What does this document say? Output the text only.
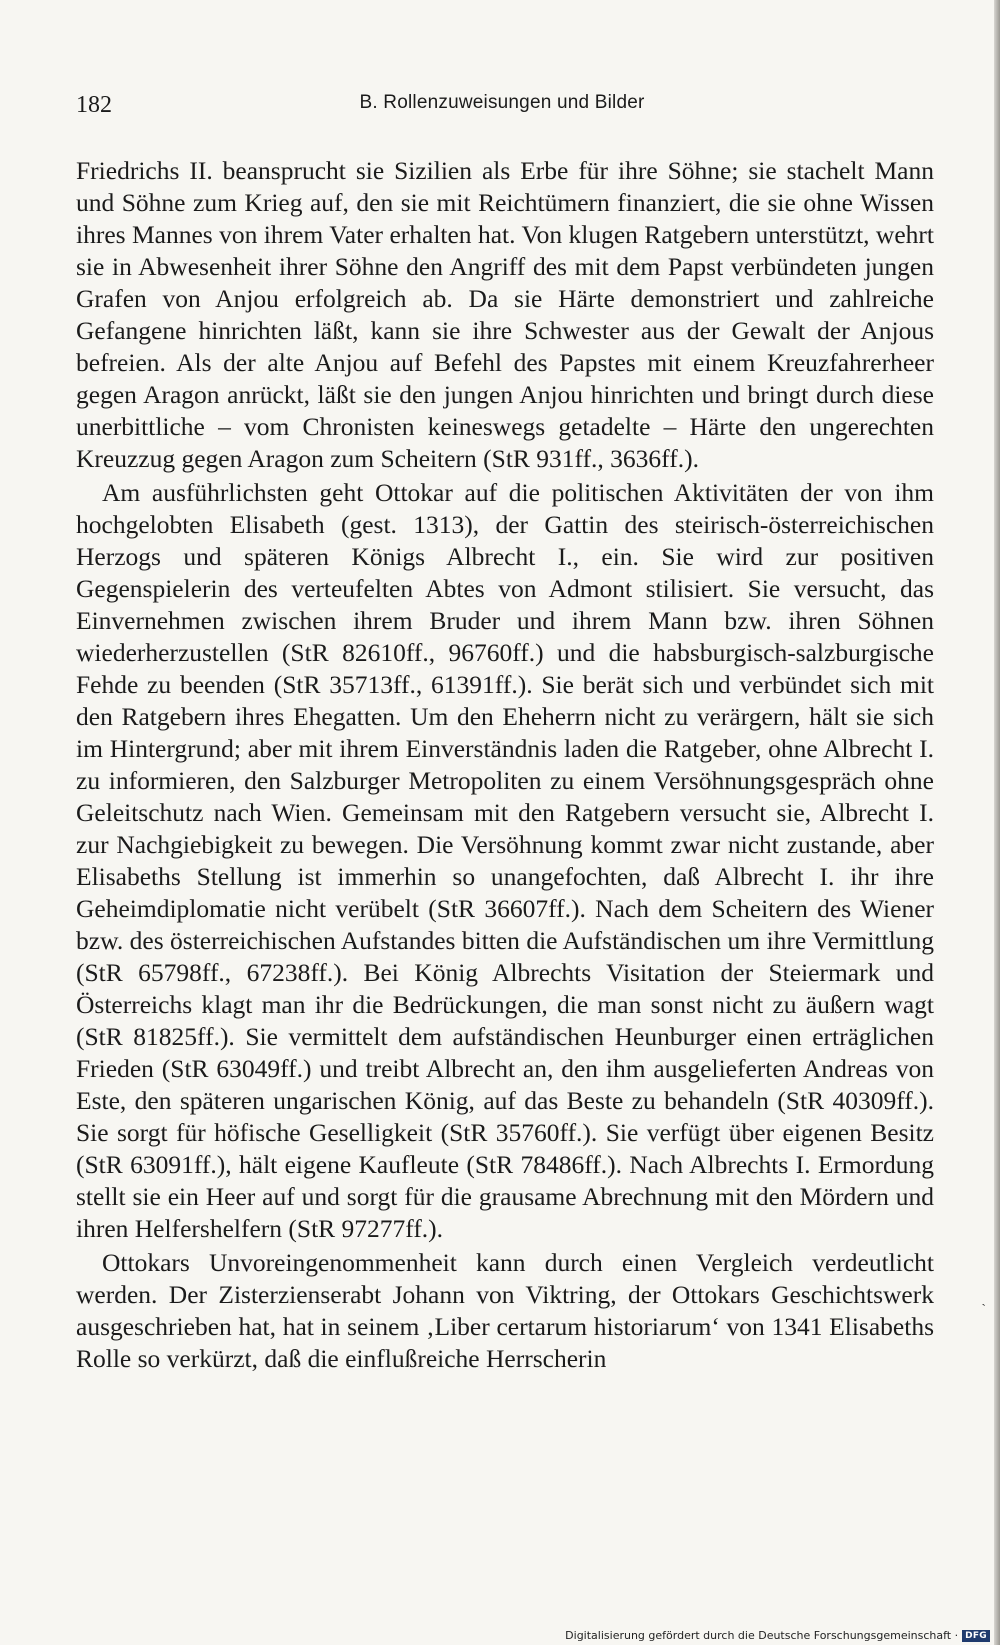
182	B. Rollenzuweisungen und Bilder

Friedrichs II. beansprucht sie Sizilien als Erbe für ihre Söhne; sie stachelt Mann und Söhne zum Krieg auf, den sie mit Reichtümern finanziert, die sie ohne Wissen ihres Mannes von ihrem Vater erhalten hat. Von klugen Ratgebern unterstützt, wehrt sie in Abwesenheit ihrer Söhne den Angriff des mit dem Papst verbündeten jungen Grafen von Anjou erfolgreich ab. Da sie Härte demonstriert und zahlreiche Gefangene hinrichten läßt, kann sie ihre Schwester aus der Gewalt der Anjous befreien. Als der alte Anjou auf Befehl des Papstes mit einem Kreuzfahrerheer gegen Aragon anrückt, läßt sie den jungen Anjou hinrichten und bringt durch diese unerbittliche – vom Chronisten keineswegs getadelte – Härte den ungerechten Kreuzzug gegen Aragon zum Scheitern (StR 931ff., 3636ff.).

Am ausführlichsten geht Ottokar auf die politischen Aktivitäten der von ihm hochgelobten Elisabeth (gest. 1313), der Gattin des steirisch-österreichischen Herzogs und späteren Königs Albrecht I., ein. Sie wird zur positiven Gegenspielerin des verteufelten Abtes von Admont stilisiert. Sie versucht, das Einvernehmen zwischen ihrem Bruder und ihrem Mann bzw. ihren Söhnen wiederherzustellen (StR 82610ff., 96760ff.) und die habsburgisch-salzburgische Fehde zu beenden (StR 35713ff., 61391ff.). Sie berät sich und verbündet sich mit den Ratgebern ihres Ehegatten. Um den Eheherrn nicht zu verärgern, hält sie sich im Hintergrund; aber mit ihrem Einverständnis laden die Ratgeber, ohne Albrecht I. zu informieren, den Salzburger Metropoliten zu einem Versöhnungsgespräch ohne Geleitschutz nach Wien. Gemeinsam mit den Ratgebern versucht sie, Albrecht I. zur Nachgiebigkeit zu bewegen. Die Versöhnung kommt zwar nicht zustande, aber Elisabeths Stellung ist immerhin so unangefochten, daß Albrecht I. ihr ihre Geheimdiplomatie nicht verübelt (StR 36607ff.). Nach dem Scheitern des Wiener bzw. des österreichischen Aufstandes bitten die Aufständischen um ihre Vermittlung (StR 65798ff., 67238ff.). Bei König Albrechts Visitation der Steiermark und Österreichs klagt man ihr die Bedrückungen, die man sonst nicht zu äußern wagt (StR 81825ff.). Sie vermittelt dem aufständischen Heunburger einen erträglichen Frieden (StR 63049ff.) und treibt Albrecht an, den ihm ausgelieferten Andreas von Este, den späteren ungarischen König, auf das Beste zu behandeln (StR 40309ff.). Sie sorgt für höfische Geselligkeit (StR 35760ff.). Sie verfügt über eigenen Besitz (StR 63091ff.), hält eigene Kaufleute (StR 78486ff.). Nach Albrechts I. Ermordung stellt sie ein Heer auf und sorgt für die grausame Abrechnung mit den Mördern und ihren Helfershelfern (StR 97277ff.).

Ottokars Unvoreingenommenheit kann durch einen Vergleich verdeutlicht werden. Der Zisterzienserabt Johann von Viktring, der Ottokars Geschichtswerk ausgeschrieben hat, hat in seinem ‚Liber certarum historiarum‘ von 1341 Elisabeths Rolle so verkürzt, daß die einflußreiche Herrscherin

ˎ
Digitalisierung gefördert durch die Deutsche Forschungsgemeinschaft · DFG
